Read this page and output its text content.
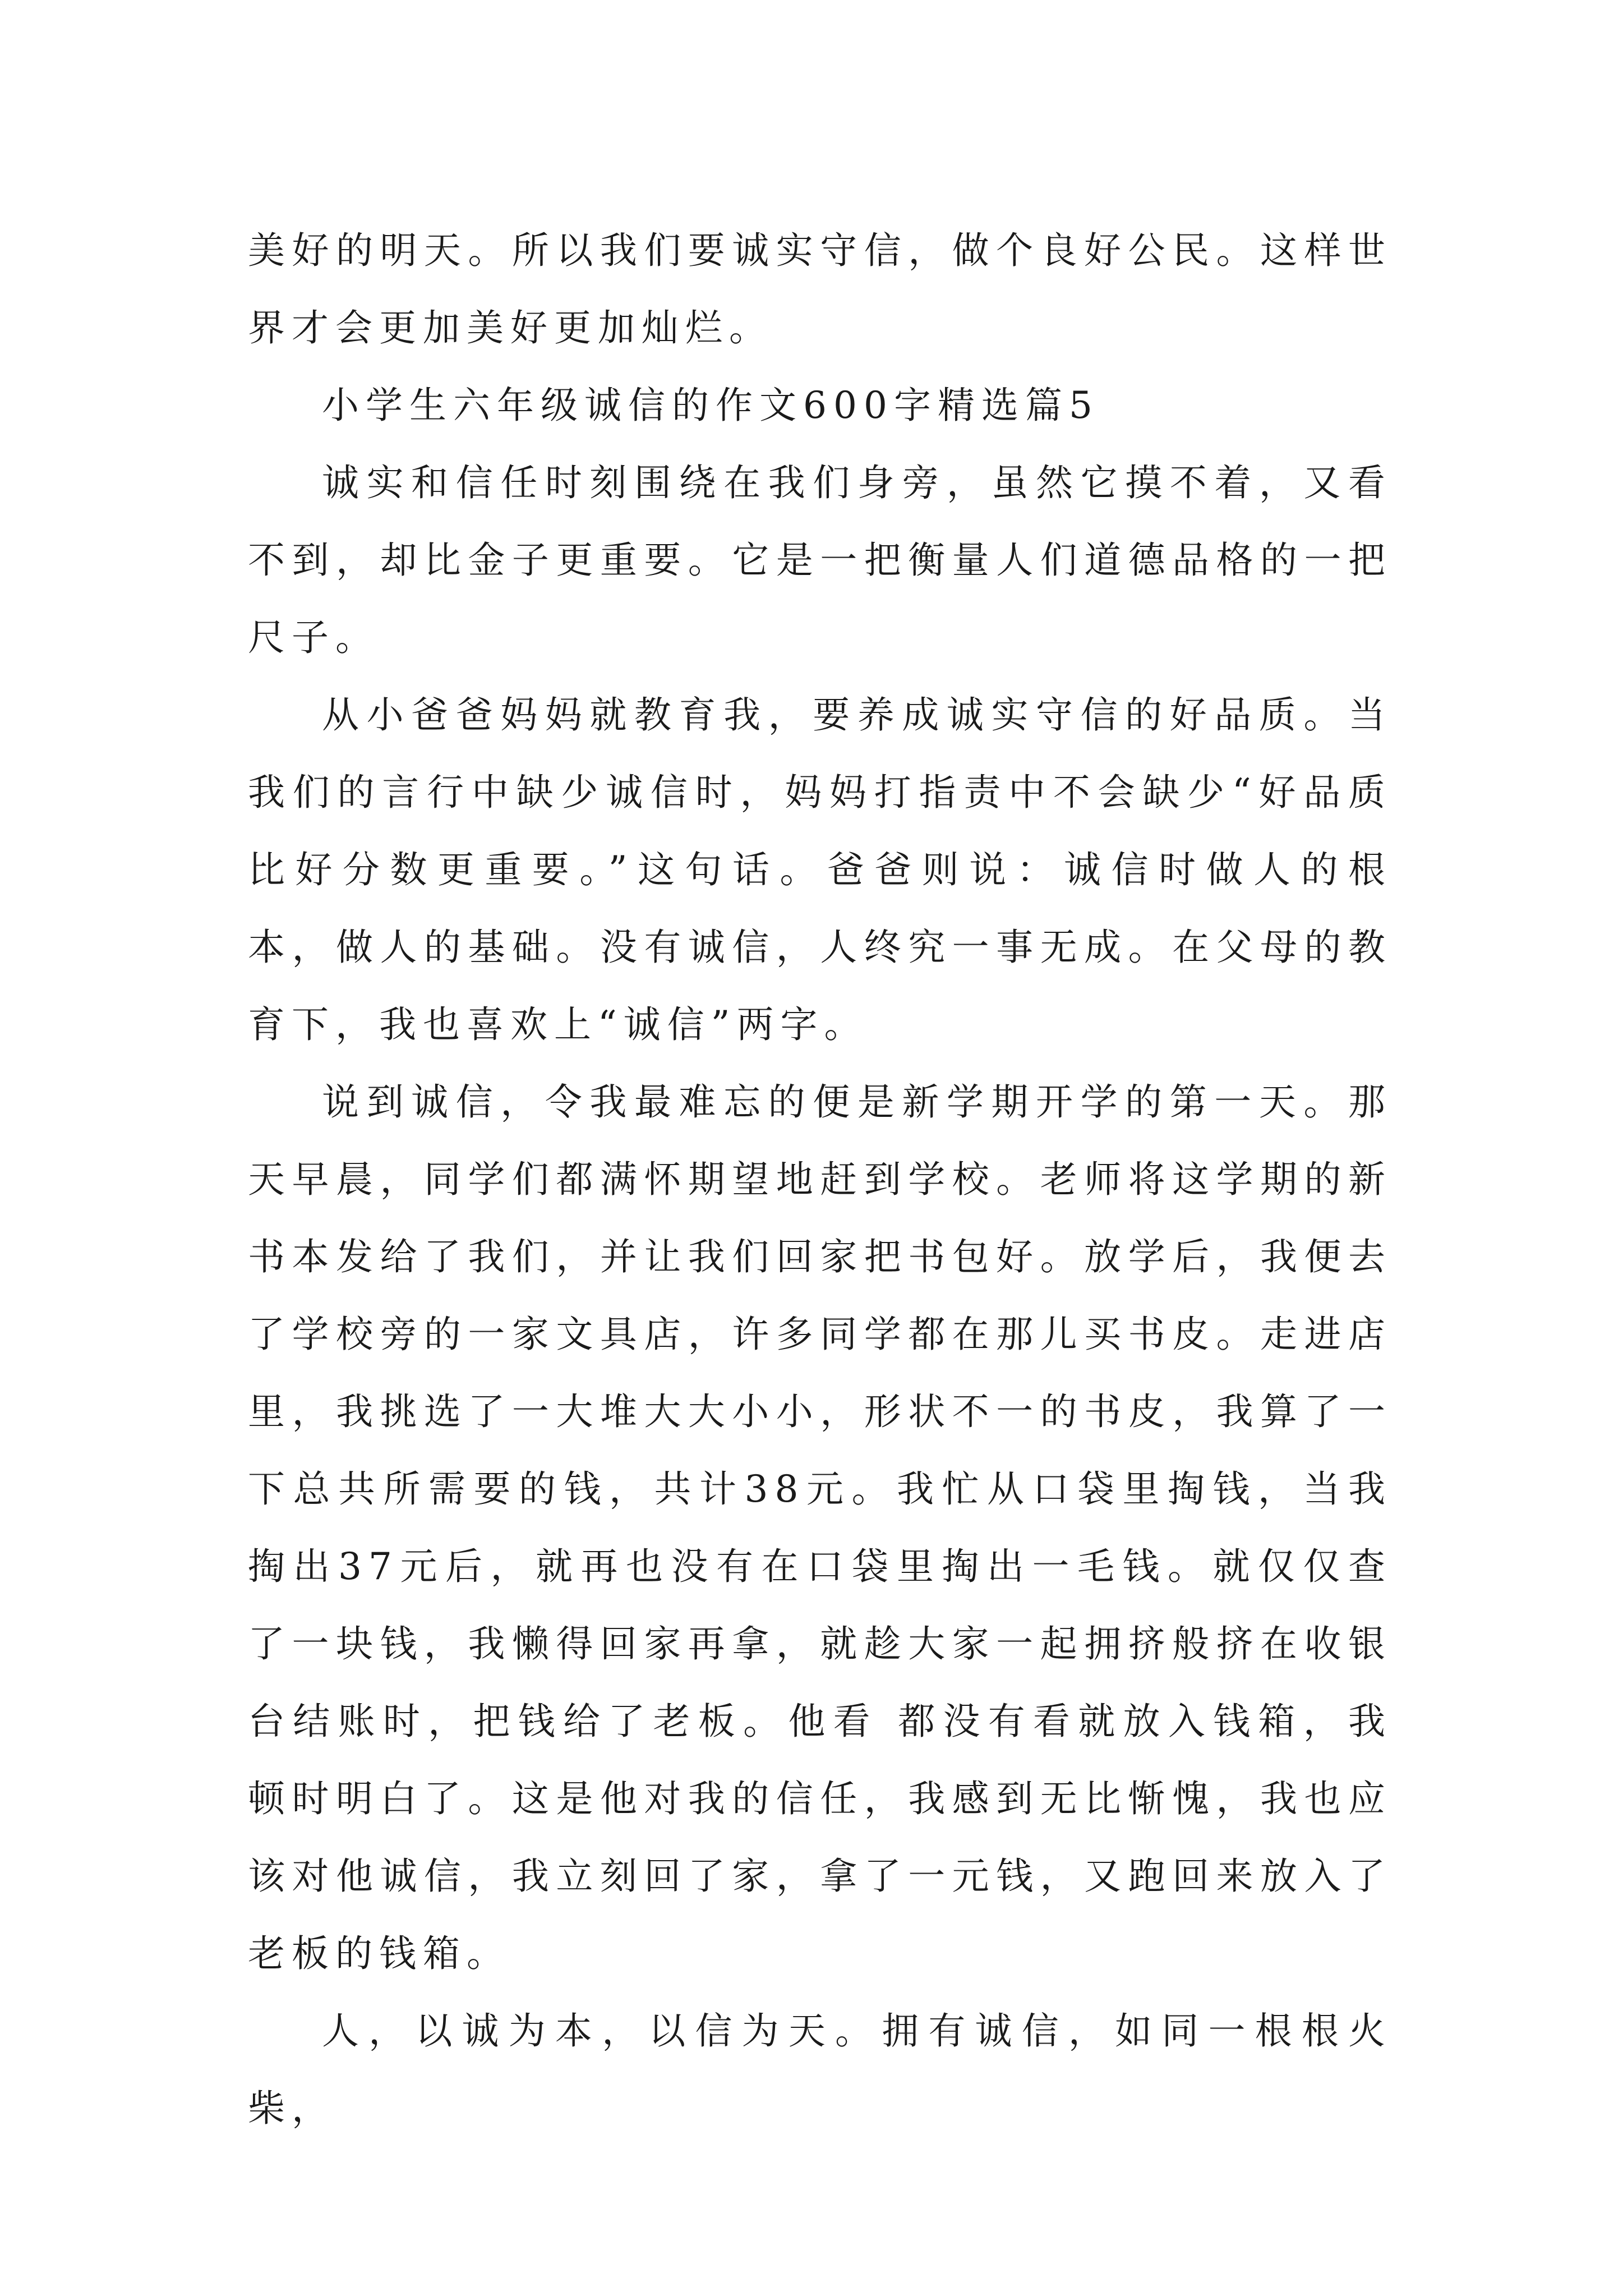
美好的明天。所以我们要诚实守信，做个良好公民。这样世界才会更加美好更加灿烂。

小学生六年级诚信的作文600字精选篇5

诚实和信任时刻围绕在我们身旁，虽然它摸不着，又看不到，却比金子更重要。它是一把衡量人们道德品格的一把尺子。

从小爸爸妈妈就教育我，要养成诚实守信的好品质。当我们的言行中缺少诚信时，妈妈打指责中不会缺少“好品质比好分数更重要。”这句话。爸爸则说：诚信时做人的根本，做人的基础。没有诚信，人终究一事无成。在父母的教育下，我也喜欢上“诚信”两字。

说到诚信，令我最难忘的便是新学期开学的第一天。那天早晨，同学们都满怀期望地赶到学校。老师将这学期的新书本发给了我们，并让我们回家把书包好。放学后，我便去了学校旁的一家文具店，许多同学都在那儿买书皮。走进店里，我挑选了一大堆大大小小，形状不一的书皮，我算了一下总共所需要的钱，共计38元。我忙从口袋里掏钱，当我掏出37元后，就再也没有在口袋里掏出一毛钱。就仅仅查了一块钱，我懒得回家再拿，就趁大家一起拥挤般挤在收银台结账时，把钱给了老板。他看 都没有看就放入钱箱，我顿时明白了。这是他对我的信任，我感到无比惭愧，我也应该对他诚信，我立刻回了家，拿了一元钱，又跑回来放入了老板的钱箱。

人，以诚为本，以信为天。拥有诚信，如同一根根火柴，
